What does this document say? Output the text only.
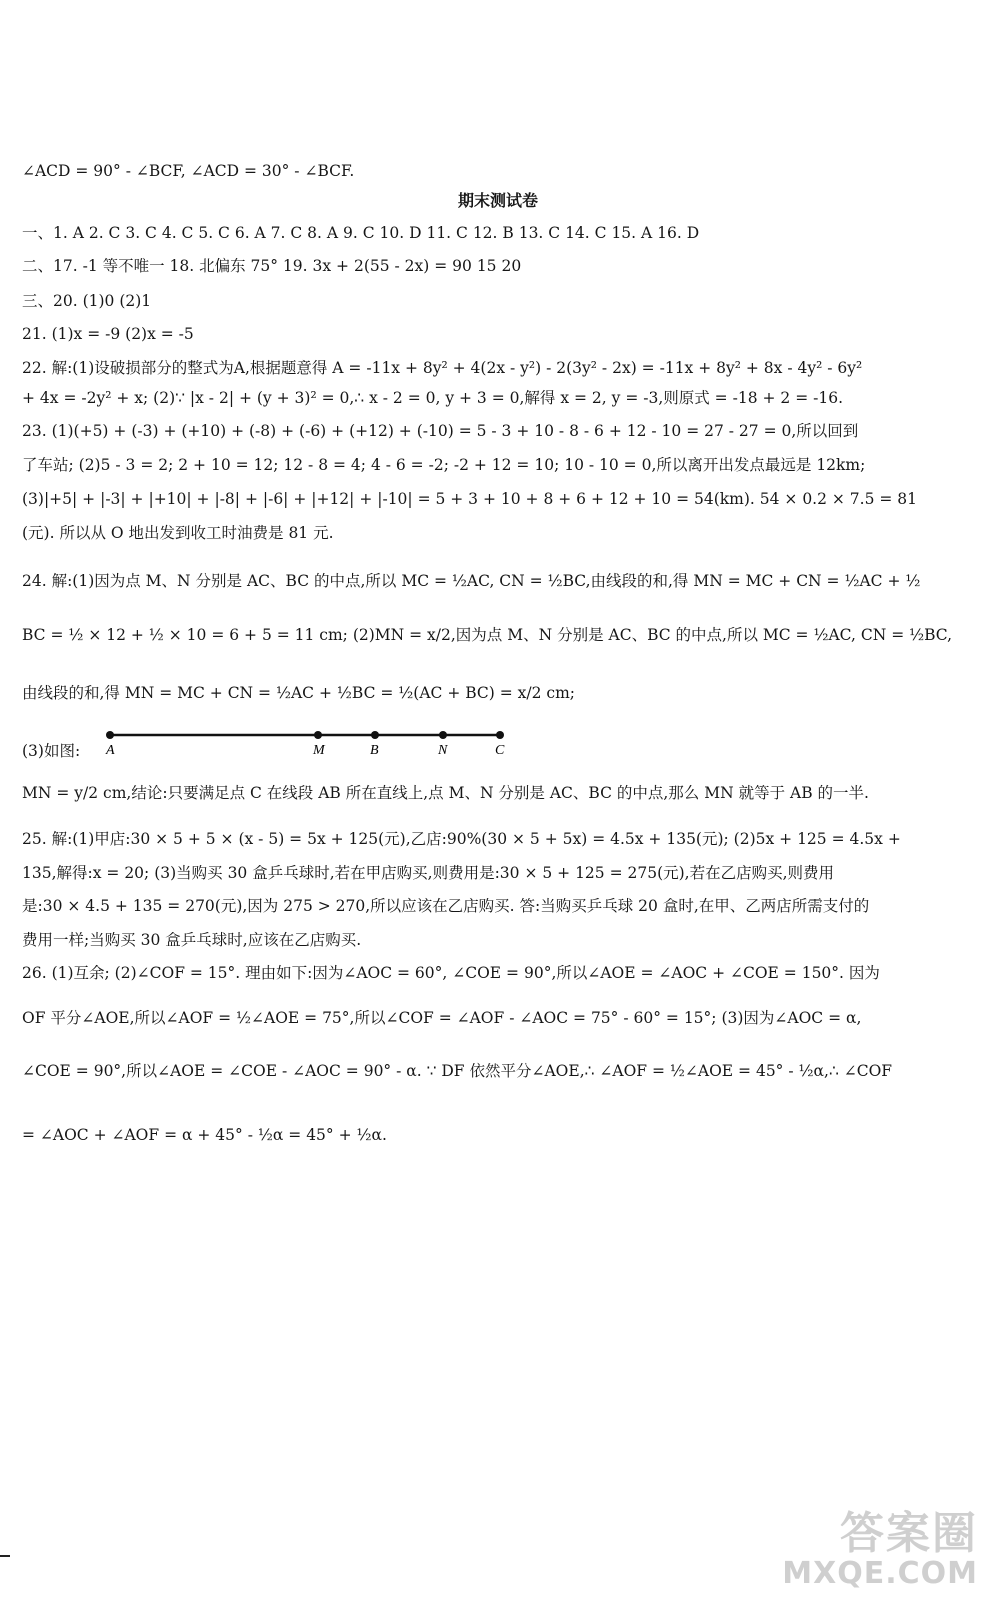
期末测试卷
∠ACD = 90° - ∠BCF, ∠ACD = 30° - ∠BCF.
一、1. A 2. C 3. C 4. C 5. C 6. A 7. C 8. A 9. C 10. D 11. C 12. B 13. C 14. C 15. A 16. D
二、17. -1 等不唯一 18. 北偏东 75° 19. 3x + 2(55 - 2x) = 90 15 20
三、20. (1)0 (2)1
21. (1)x = -9 (2)x = -5
22. 解:(1)设破损部分的整式为A,根据题意得 A = -11x + 8y² + 4(2x - y²) - 2(3y² - 2x) = -11x + 8y² + 8x - 4y² - 6y²
+ 4x = -2y² + x; (2)∵ |x - 2| + (y + 3)² = 0,∴ x - 2 = 0, y + 3 = 0,解得 x = 2, y = -3,则原式 = -18 + 2 = -16.
23. (1)(+5) + (-3) + (+10) + (-8) + (-6) + (+12) + (-10) = 5 - 3 + 10 - 8 - 6 + 12 - 10 = 27 - 27 = 0,所以回到
了车站; (2)5 - 3 = 2; 2 + 10 = 12; 12 - 8 = 4; 4 - 6 = -2; -2 + 12 = 10; 10 - 10 = 0,所以离开出发点最远是 12km;
(3)|+5| + |-3| + |+10| + |-8| + |-6| + |+12| + |-10| = 5 + 3 + 10 + 8 + 6 + 12 + 10 = 54(km). 54 × 0.2 × 7.5 = 81
(元). 所以从 O 地出发到收工时油费是 81 元.
24. 解:(1)因为点 M、N 分别是 AC、BC 的中点,所以 MC = ½AC, CN = ½BC,由线段的和,得 MN = MC + CN = ½AC + ½
BC = ½ × 12 + ½ × 10 = 6 + 5 = 11 cm; (2)MN = x/2,因为点 M、N 分别是 AC、BC 的中点,所以 MC = ½AC, CN = ½BC,
由线段的和,得 MN = MC + CN = ½AC + ½BC = ½(AC + BC) = x/2 cm;
(3)如图:
MN = y/2 cm,结论:只要满足点 C 在线段 AB 所在直线上,点 M、N 分别是 AC、BC 的中点,那么 MN 就等于 AB 的一半.
25. 解:(1)甲店:30 × 5 + 5 × (x - 5) = 5x + 125(元),乙店:90%(30 × 5 + 5x) = 4.5x + 135(元); (2)5x + 125 = 4.5x +
135,解得:x = 20; (3)当购买 30 盒乒乓球时,若在甲店购买,则费用是:30 × 5 + 125 = 275(元),若在乙店购买,则费用
是:30 × 4.5 + 135 = 270(元),因为 275 > 270,所以应该在乙店购买. 答:当购买乒乓球 20 盒时,在甲、乙两店所需支付的
费用一样;当购买 30 盒乒乓球时,应该在乙店购买.
26. (1)互余; (2)∠COF = 15°. 理由如下:因为∠AOC = 60°, ∠COE = 90°,所以∠AOE = ∠AOC + ∠COE = 150°. 因为
OF 平分∠AOE,所以∠AOF = ½∠AOE = 75°,所以∠COF = ∠AOF - ∠AOC = 75° - 60° = 15°; (3)因为∠AOC = α,
∠COE = 90°,所以∠AOE = ∠COE - ∠AOC = 90° - α. ∵ DF 依然平分∠AOE,∴ ∠AOF = ½∠AOE = 45° - ½α,∴ ∠COF
= ∠AOC + ∠AOF = α + 45° - ½α = 45° + ½α.
A	M	B	N	C
答案圈
MXQE.COM
